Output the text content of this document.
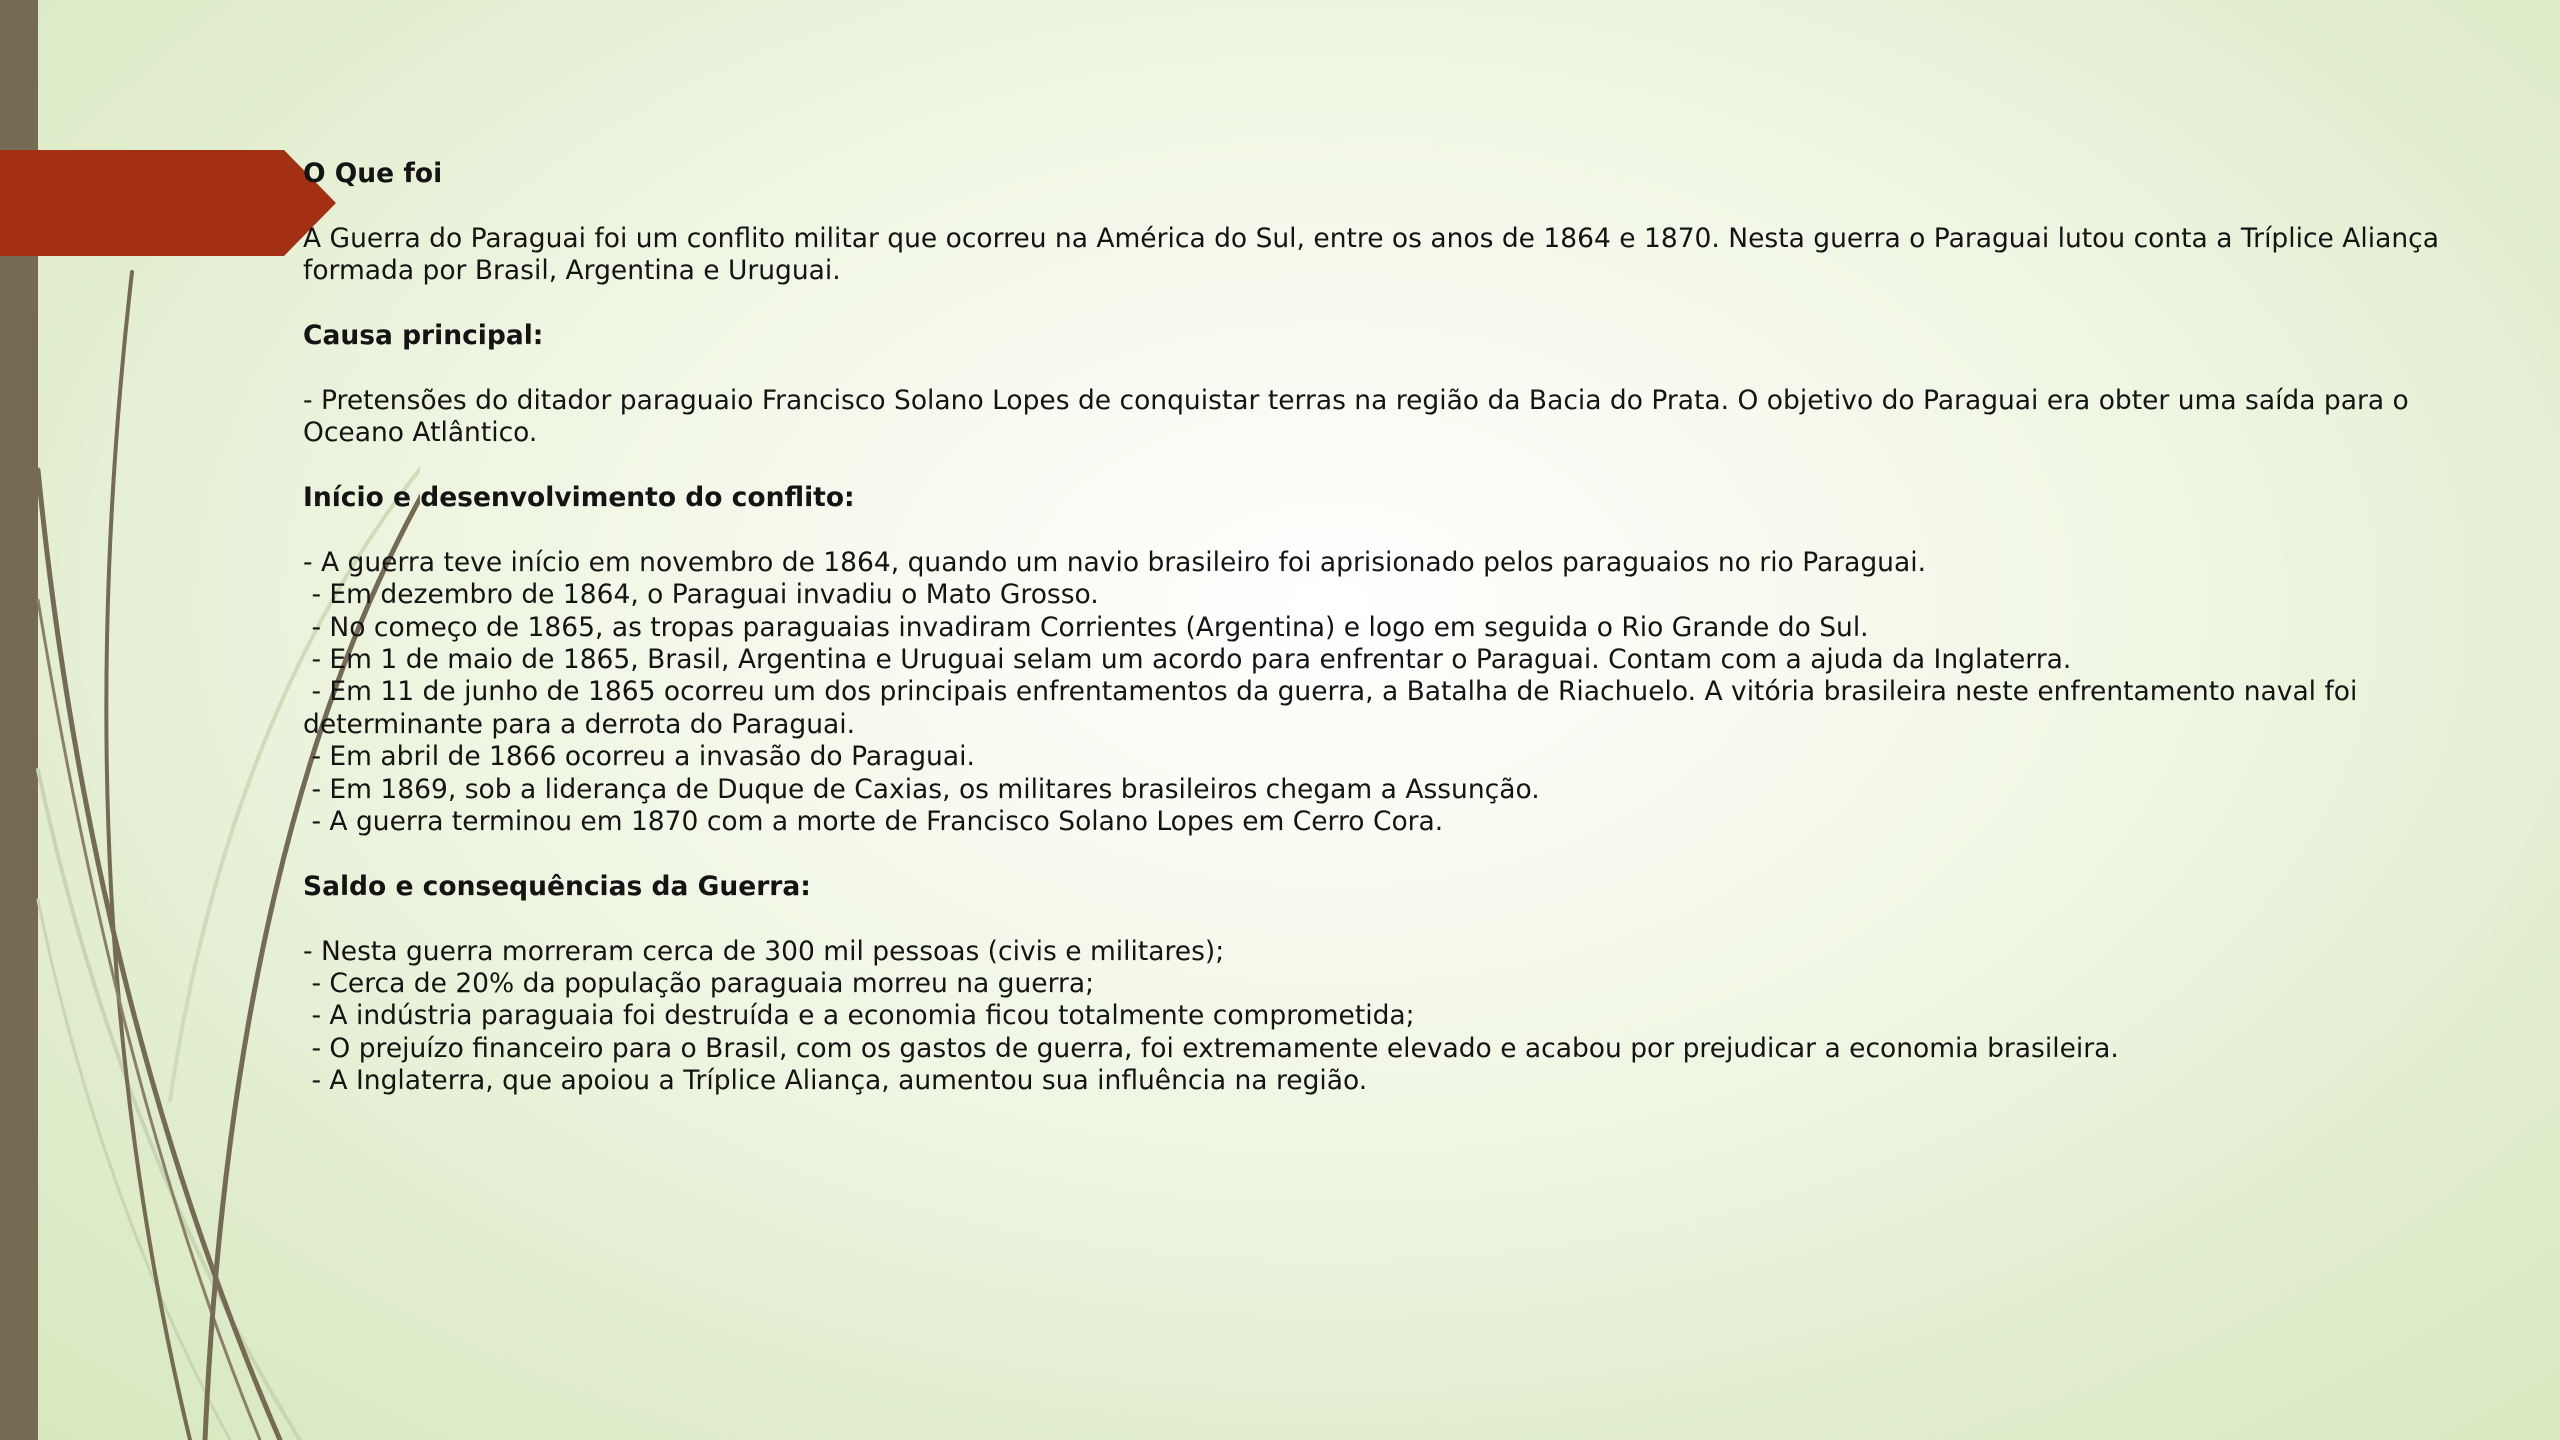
O Que foi

A Guerra do Paraguai foi um conflito militar que ocorreu na América do Sul, entre os anos de 1864 e 1870. Nesta guerra o Paraguai lutou conta a Tríplice Aliança

formada por Brasil, Argentina e Uruguai.

Causa principal:

- Pretensões do ditador paraguaio Francisco Solano Lopes de conquistar terras na região da Bacia do Prata. O objetivo do Paraguai era obter uma saída para o

Oceano Atlântico.

Início e desenvolvimento do conflito:

- A guerra teve início em novembro de 1864, quando um navio brasileiro foi aprisionado pelos paraguaios no rio Paraguai.

- Em dezembro de 1864, o Paraguai invadiu o Mato Grosso.

- No começo de 1865, as tropas paraguaias invadiram Corrientes (Argentina) e logo em seguida o Rio Grande do Sul.

- Em 1 de maio de 1865, Brasil, Argentina e Uruguai selam um acordo para enfrentar o Paraguai. Contam com a ajuda da Inglaterra.

- Em 11 de junho de 1865 ocorreu um dos principais enfrentamentos da guerra, a Batalha de Riachuelo. A vitória brasileira neste enfrentamento naval foi

determinante para a derrota do Paraguai.

- Em abril de 1866 ocorreu a invasão do Paraguai.

- Em 1869, sob a liderança de Duque de Caxias, os militares brasileiros chegam a Assunção.

- A guerra terminou em 1870 com a morte de Francisco Solano Lopes em Cerro Cora.

Saldo e consequências da Guerra:

- Nesta guerra morreram cerca de 300 mil pessoas (civis e militares);

- Cerca de 20% da população paraguaia morreu na guerra;

- A indústria paraguaia foi destruída e a economia ficou totalmente comprometida;

- O prejuízo financeiro para o Brasil, com os gastos de guerra, foi extremamente elevado e acabou por prejudicar a economia brasileira.

- A Inglaterra, que apoiou a Tríplice Aliança, aumentou sua influência na região.
